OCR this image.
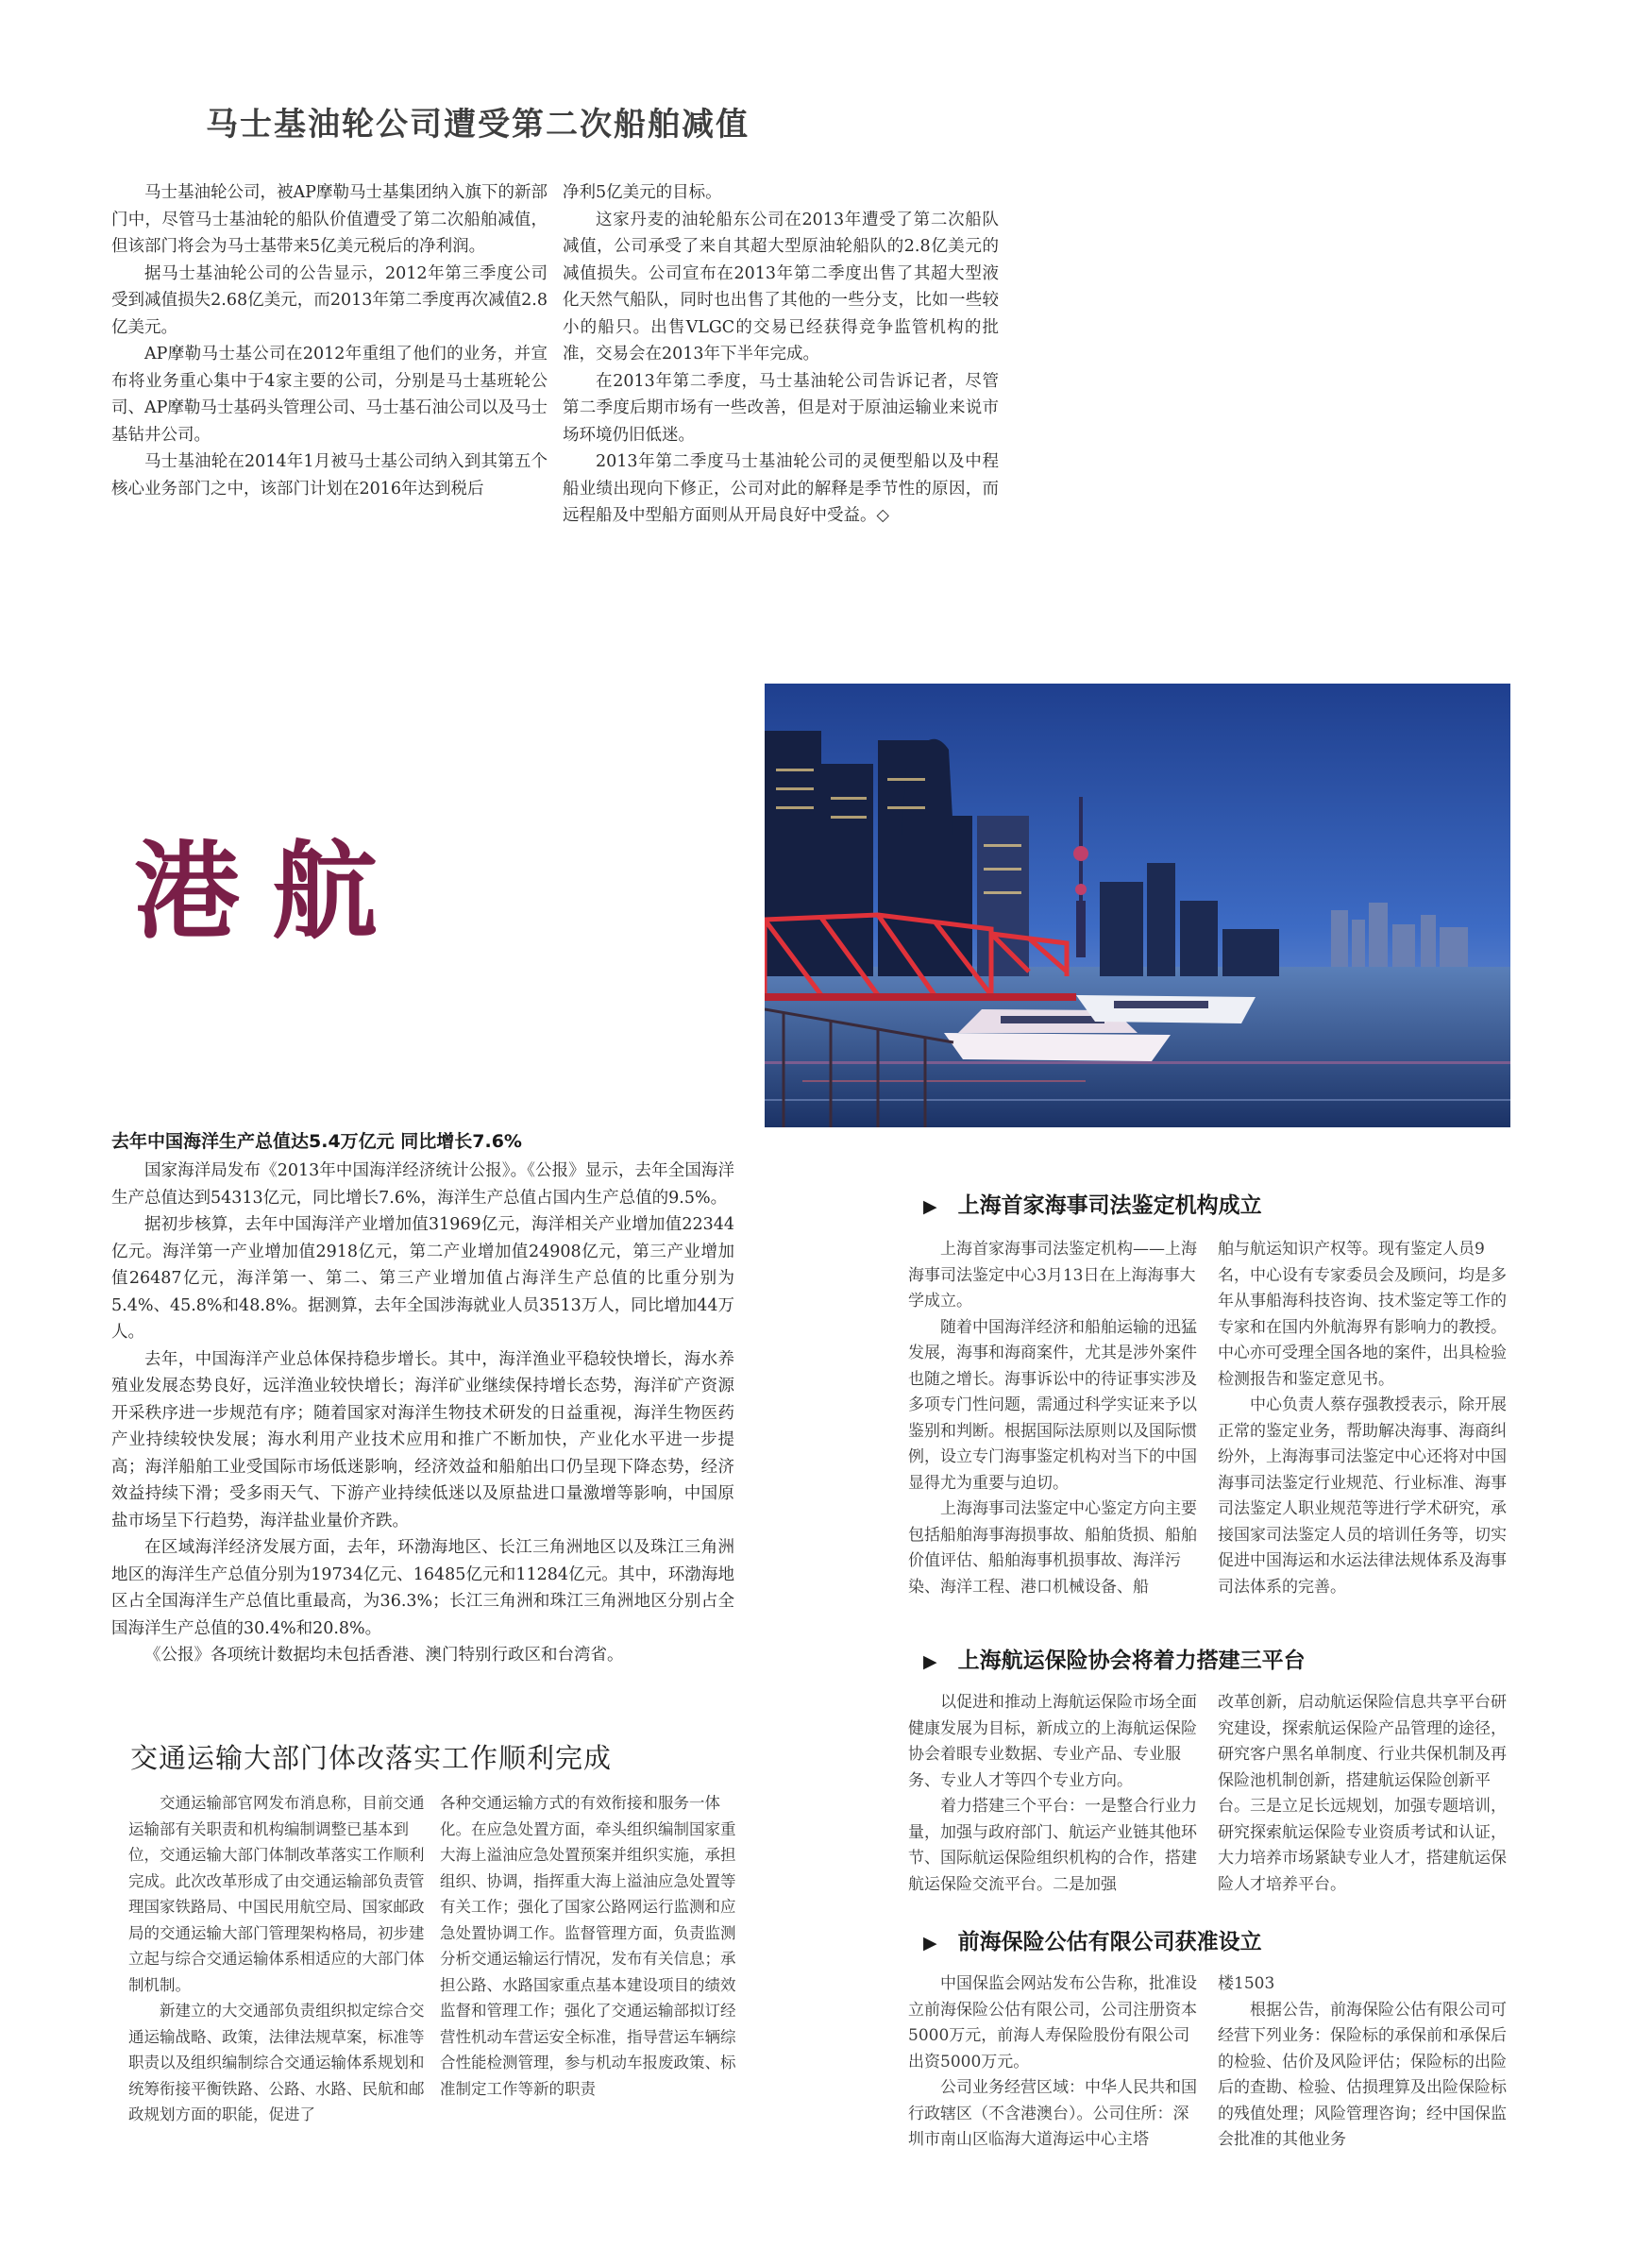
马士基油轮公司遭受第二次船舶减值

马士基油轮公司，被AP摩勒马士基集团纳入旗下的新部门中，尽管马士基油轮的船队价值遭受了第二次船舶减值，但该部门将会为马士基带来5亿美元税后的净利润。

据马士基油轮公司的公告显示，2012年第三季度公司受到减值损失2.68亿美元，而2013年第二季度再次减值2.8亿美元。

AP摩勒马士基公司在2012年重组了他们的业务，并宣布将业务重心集中于4家主要的公司，分别是马士基班轮公司、AP摩勒马士基码头管理公司、马士基石油公司以及马士基钻井公司。

马士基油轮在2014年1月被马士基公司纳入到其第五个核心业务部门之中，该部门计划在2016年达到税后

净利5亿美元的目标。

这家丹麦的油轮船东公司在2013年遭受了第二次船队减值，公司承受了来自其超大型原油轮船队的2.8亿美元的减值损失。公司宣布在2013年第二季度出售了其超大型液化天然气船队，同时也出售了其他的一些分支，比如一些较小的船只。出售VLGC的交易已经获得竞争监管机构的批准，交易会在2013年下半年完成。

在2013年第二季度，马士基油轮公司告诉记者，尽管第二季度后期市场有一些改善，但是对于原油运输业来说市场环境仍旧低迷。

2013年第二季度马士基油轮公司的灵便型船以及中程船业绩出现向下修正，公司对此的解释是季节性的原因，而远程船及中型船方面则从开局良好中受益。◇

港航
去年中国海洋生产总值达5.4万亿元 同比增长7.6%

国家海洋局发布《2013年中国海洋经济统计公报》。《公报》显示，去年全国海洋生产总值达到54313亿元，同比增长7.6%，海洋生产总值占国内生产总值的9.5%。

据初步核算，去年中国海洋产业增加值31969亿元，海洋相关产业增加值22344亿元。海洋第一产业增加值2918亿元，第二产业增加值24908亿元，第三产业增加值26487亿元，海洋第一、第二、第三产业增加值占海洋生产总值的比重分别为5.4%、45.8%和48.8%。据测算，去年全国涉海就业人员3513万人，同比增加44万人。

去年，中国海洋产业总体保持稳步增长。其中，海洋渔业平稳较快增长，海水养殖业发展态势良好，远洋渔业较快增长；海洋矿业继续保持增长态势，海洋矿产资源开采秩序进一步规范有序；随着国家对海洋生物技术研发的日益重视，海洋生物医药产业持续较快发展；海水利用产业技术应用和推广不断加快，产业化水平进一步提高；海洋船舶工业受国际市场低迷影响，经济效益和船舶出口仍呈现下降态势，经济效益持续下滑；受多雨天气、下游产业持续低迷以及原盐进口量激增等影响，中国原盐市场呈下行趋势，海洋盐业量价齐跌。

在区域海洋经济发展方面，去年，环渤海地区、长江三角洲地区以及珠江三角洲地区的海洋生产总值分别为19734亿元、16485亿元和11284亿元。其中，环渤海地区占全国海洋生产总值比重最高，为36.3%；长江三角洲和珠江三角洲地区分别占全国海洋生产总值的30.4%和20.8%。

《公报》各项统计数据均未包括香港、澳门特别行政区和台湾省。

交通运输大部门体改落实工作顺利完成

交通运输部官网发布消息称，目前交通运输部有关职责和机构编制调整已基本到位，交通运输大部门体制改革落实工作顺利完成。此次改革形成了由交通运输部负责管理国家铁路局、中国民用航空局、国家邮政局的交通运输大部门管理架构格局，初步建立起与综合交通运输体系相适应的大部门体制机制。

新建立的大交通部负责组织拟定综合交通运输战略、政策，法律法规草案，标准等职责以及组织编制综合交通运输体系规划和统筹衔接平衡铁路、公路、水路、民航和邮政规划方面的职能，促进了

各种交通运输方式的有效衔接和服务一体化。在应急处置方面，牵头组织编制国家重大海上溢油应急处置预案并组织实施，承担组织、协调，指挥重大海上溢油应急处置等有关工作；强化了国家公路网运行监测和应急处置协调工作。监督管理方面，负责监测分析交通运输运行情况，发布有关信息；承担公路、水路国家重点基本建设项目的绩效监督和管理工作；强化了交通运输部拟订经营性机动车营运安全标准，指导营运车辆综合性能检测管理，参与机动车报废政策、标准制定工作等新的职责

▶ 上海首家海事司法鉴定机构成立

上海首家海事司法鉴定机构——上海海事司法鉴定中心3月13日在上海海事大学成立。

随着中国海洋经济和船舶运输的迅猛发展，海事和海商案件，尤其是涉外案件也随之增长。海事诉讼中的待证事实涉及多项专门性问题，需通过科学实证来予以鉴别和判断。根据国际法原则以及国际惯例，设立专门海事鉴定机构对当下的中国显得尤为重要与迫切。

上海海事司法鉴定中心鉴定方向主要包括船舶海事海损事故、船舶货损、船舶价值评估、船舶海事机损事故、海洋污染、海洋工程、港口机械设备、船

舶与航运知识产权等。现有鉴定人员9名，中心设有专家委员会及顾问，均是多年从事船海科技咨询、技术鉴定等工作的专家和在国内外航海界有影响力的教授。中心亦可受理全国各地的案件，出具检验检测报告和鉴定意见书。

中心负责人蔡存强教授表示，除开展正常的鉴定业务，帮助解决海事、海商纠纷外，上海海事司法鉴定中心还将对中国海事司法鉴定行业规范、行业标准、海事司法鉴定人职业规范等进行学术研究，承接国家司法鉴定人员的培训任务等，切实促进中国海运和水运法律法规体系及海事司法体系的完善。

▶ 上海航运保险协会将着力搭建三平台

以促进和推动上海航运保险市场全面健康发展为目标，新成立的上海航运保险协会着眼专业数据、专业产品、专业服务、专业人才等四个专业方向。

着力搭建三个平台：一是整合行业力量，加强与政府部门、航运产业链其他环节、国际航运保险组织机构的合作，搭建航运保险交流平台。二是加强

改革创新，启动航运保险信息共享平台研究建设，探索航运保险产品管理的途径，研究客户黑名单制度、行业共保机制及再保险池机制创新，搭建航运保险创新平台。三是立足长远规划，加强专题培训，研究探索航运保险专业资质考试和认证，大力培养市场紧缺专业人才，搭建航运保险人才培养平台。

▶ 前海保险公估有限公司获准设立

中国保监会网站发布公告称，批准设立前海保险公估有限公司，公司注册资本5000万元，前海人寿保险股份有限公司出资5000万元。

公司业务经营区域：中华人民共和国行政辖区（不含港澳台）。公司住所：深圳市南山区临海大道海运中心主塔

楼1503

根据公告，前海保险公估有限公司可经营下列业务：保险标的承保前和承保后的检验、估价及风险评估；保险标的出险后的查勘、检验、估损理算及出险保险标的残值处理；风险管理咨询；经中国保监会批准的其他业务
